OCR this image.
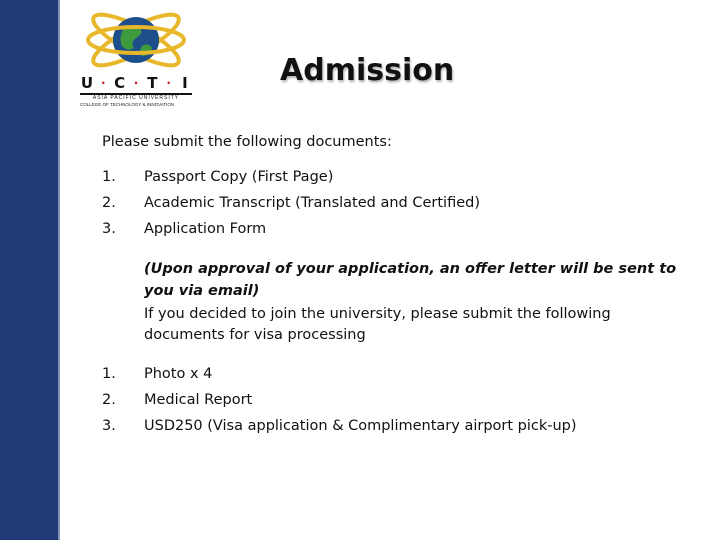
U · C · T · I
ASIA PACIFIC UNIVERSITY
COLLEGE OF TECHNOLOGY & INNOVATION
Admission
Please submit the following documents:
1. Passport Copy (First Page)
2. Academic Transcript (Translated and Certified)
3. Application Form
(Upon approval of your application, an offer letter will be sent to you via email)
If you decided to join the university, please submit the following documents for visa processing
1. Photo x 4
2. Medical Report
3. USD250 (Visa application & Complimentary airport pick-up)
